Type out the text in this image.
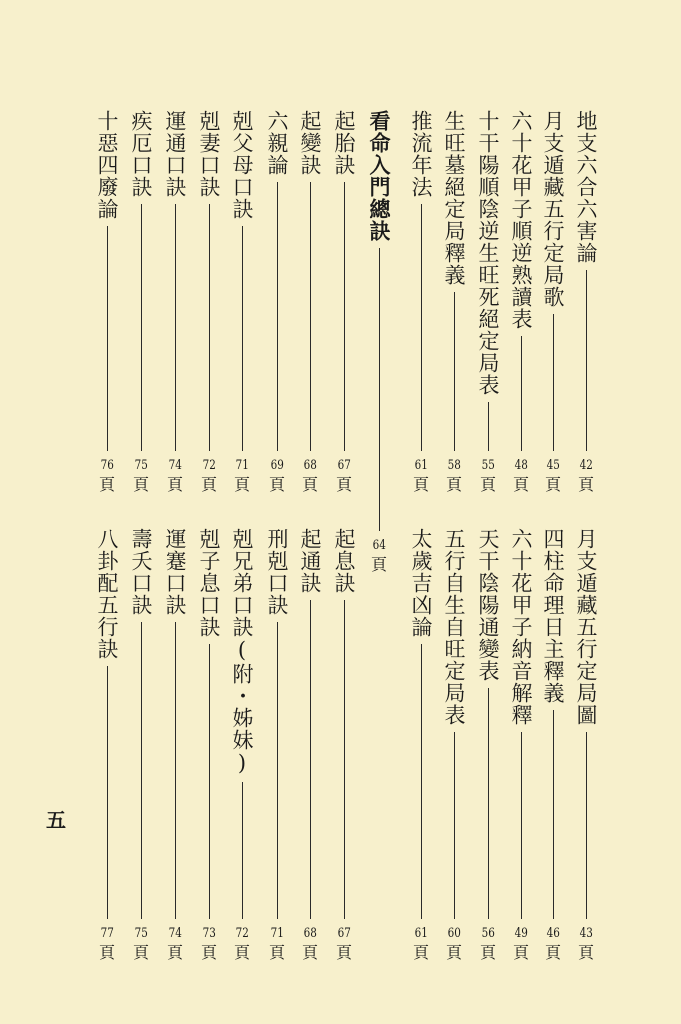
地支六合六害論
42
頁
月支遁藏五行定局歌
45
頁
六十花甲子順逆熟讀表
48
頁
十干陽順陰逆生旺死絕定局表
55
頁
生旺墓絕定局釋義
58
頁
推流年法
61
頁
看命入門總訣
64
頁
起胎訣
67
頁
起變訣
68
頁
六親論
69
頁
剋父母口訣
71
頁
剋妻口訣
72
頁
運通口訣
74
頁
疾厄口訣
75
頁
十惡四廢論
76
頁
月支遁藏五行定局圖
43
頁
四柱命理日主釋義
46
頁
六十花甲子納音解釋
49
頁
天干陰陽通變表
56
頁
五行自生自旺定局表
60
頁
太歲吉凶論
61
頁
起息訣
67
頁
起通訣
68
頁
刑剋口訣
71
頁
剋兄弟口訣(附・姊妹)
72
頁
剋子息口訣
73
頁
運蹇口訣
74
頁
壽夭口訣
75
頁
八卦配五行訣
77
頁
五
